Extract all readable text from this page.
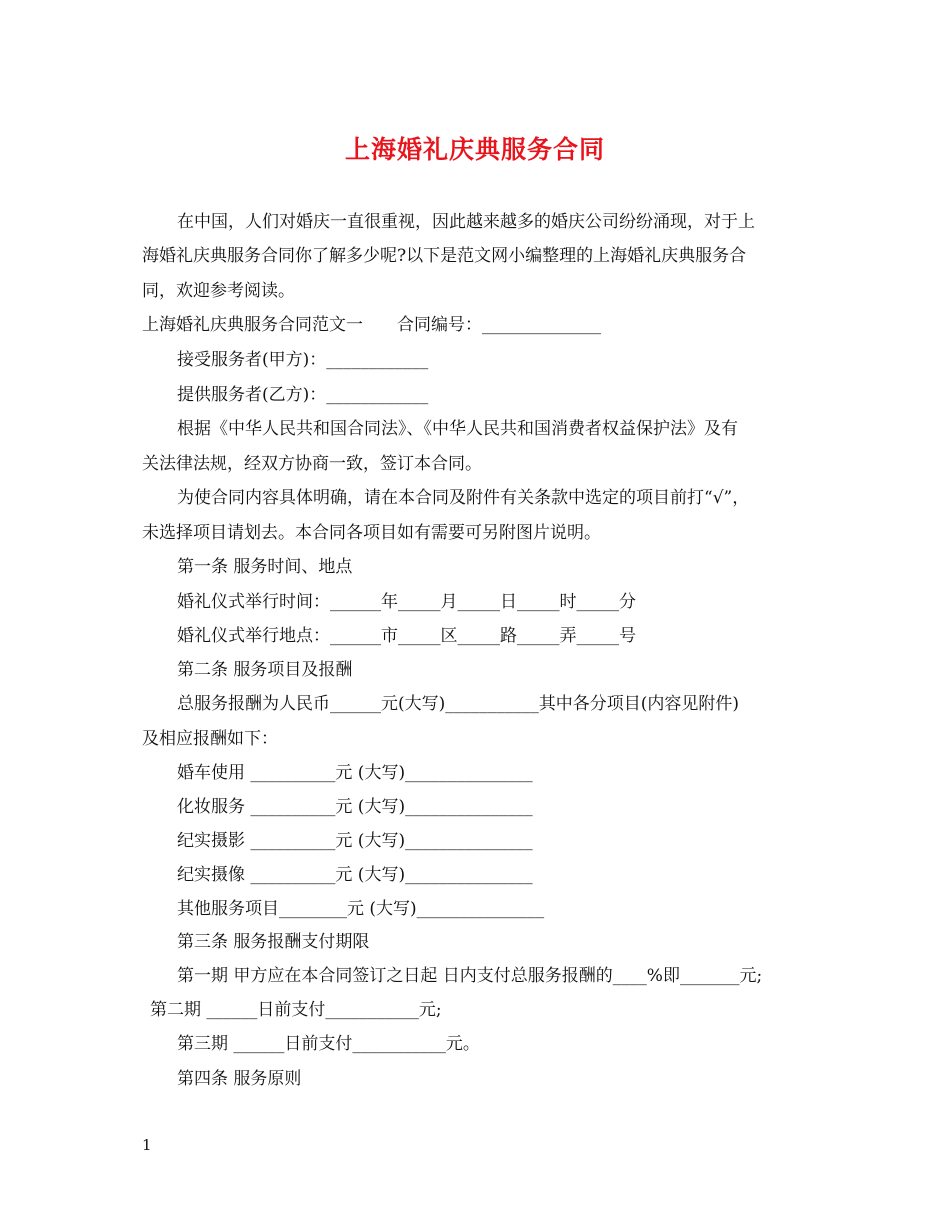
上海婚礼庆典服务合同
在中国，人们对婚庆一直很重视，因此越来越多的婚庆公司纷纷涌现，对于上
海婚礼庆典服务合同你了解多少呢?以下是范文网小编整理的上海婚礼庆典服务合
同，欢迎参考阅读。
上海婚礼庆典服务合同范文一　　合同编号：______________
接受服务者(甲方)：____________
提供服务者(乙方)：____________
根据《中华人民共和国合同法》、《中华人民共和国消费者权益保护法》及有
关法律法规，经双方协商一致，签订本合同。
为使合同内容具体明确，请在本合同及附件有关条款中选定的项目前打“√”，
未选择项目请划去。本合同各项目如有需要可另附图片说明。
第一条 服务时间、地点
婚礼仪式举行时间：______年_____月_____日_____时_____分
婚礼仪式举行地点：______市_____区_____路_____弄_____号
第二条 服务项目及报酬
总服务报酬为人民币______元(大写)___________其中各分项目(内容见附件)
及相应报酬如下：
婚车使用 __________元 (大写)_______________
化妆服务 __________元 (大写)_______________
纪实摄影 __________元 (大写)_______________
纪实摄像 __________元 (大写)_______________
其他服务项目________元 (大写)_______________
第三条 服务报酬支付期限
第一期 甲方应在本合同签订之日起 日内支付总服务报酬的____%即_______元;
第二期 ______日前支付___________元;
第三期 ______日前支付___________元。
第四条 服务原则
1
